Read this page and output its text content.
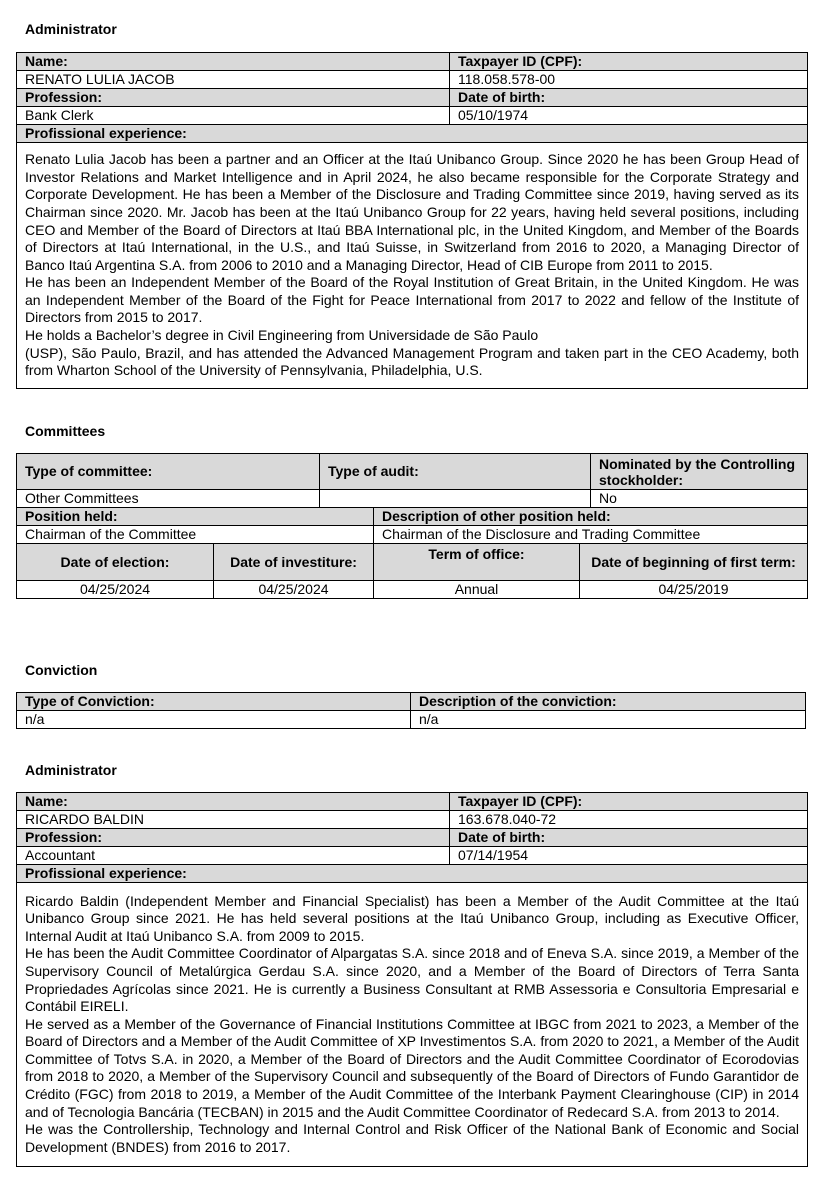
Administrator
Name:	Taxpayer ID (CPF):
RENATO LULIA JACOB	118.058.578-00
Profession:	Date of birth:
Bank Clerk	05/10/1974
Profissional experience:	

Renato Lulia Jacob has been a partner and an Officer at the Itaú Unibanco Group. Since 2020 he has been Group Head of Investor Relations and Market Intelligence and in April 2024, he also became responsible for the Corporate Strategy and Corporate Development. He has been a Member of the Disclosure and Trading Committee since 2019, having served as its Chairman since 2020. Mr. Jacob has been at the Itaú Unibanco Group for 22 years, having held several positions, including CEO and Member of the Board of Directors at Itaú BBA International plc, in the United Kingdom, and Member of the Boards of Directors at Itaú International, in the U.S., and Itaú Suisse, in Switzerland from 2016 to 2020, a Managing Director of Banco Itaú Argentina S.A. from 2006 to 2010 and a Managing Director, Head of CIB Europe from 2011 to 2015.

He has been an Independent Member of the Board of the Royal Institution of Great Britain, in the United Kingdom. He was an Independent Member of the Board of the Fight for Peace International from 2017 to 2022 and fellow of the Institute of Directors from 2015 to 2017.

He holds a Bachelor’s degree in Civil Engineering from Universidade de São Paulo

(USP), São Paulo, Brazil, and has attended the Advanced Management Program and taken part in the CEO Academy, both from Wharton School of the University of Pennsylvania, Philadelphia, U.S.	

Committees
Type of committee:	Type of audit:	Nominated by the Controlling stockholder:
Other Committees		No
Position held:	Description of other position held:
Chairman of the Committee	Chairman of the Disclosure and Trading Committee
Date of election:	Date of investiture:	Term of office:	Date of beginning of first term:
04/25/2024	04/25/2024	Annual	04/25/2019
Conviction
Type of Conviction:	Description of the conviction:
n/a	n/a
Administrator
Name:	Taxpayer ID (CPF):
RICARDO BALDIN	163.678.040-72
Profession:	Date of birth:
Accountant	07/14/1954
Profissional experience:	

Ricardo Baldin (Independent Member and Financial Specialist) has been a Member of the Audit Committee at the Itaú Unibanco Group since 2021. He has held several positions at the Itaú Unibanco Group, including as Executive Officer, Internal Audit at Itaú Unibanco S.A. from 2009 to 2015.

He has been the Audit Committee Coordinator of Alpargatas S.A. since 2018 and of Eneva S.A. since 2019, a Member of the Supervisory Council of Metalúrgica Gerdau S.A. since 2020, and a Member of the Board of Directors of Terra Santa Propriedades Agrícolas since 2021. He is currently a Business Consultant at RMB Assessoria e Consultoria Empresarial e Contábil EIRELI.

He served as a Member of the Governance of Financial Institutions Committee at IBGC from 2021 to 2023, a Member of the Board of Directors and a Member of the Audit Committee of XP Investimentos S.A. from 2020 to 2021, a Member of the Audit Committee of Totvs S.A. in 2020, a Member of the Board of Directors and the Audit Committee Coordinator of Ecorodovias from 2018 to 2020, a Member of the Supervisory Council and subsequently of the Board of Directors of Fundo Garantidor de Crédito (FGC) from 2018 to 2019, a Member of the Audit Committee of the Interbank Payment Clearinghouse (CIP) in 2014 and of Tecnologia Bancária (TECBAN) in 2015 and the Audit Committee Coordinator of Redecard S.A. from 2013 to 2014.

He was the Controllership, Technology and Internal Control and Risk Officer of the National Bank of Economic and Social Development (BNDES) from 2016 to 2017.	
